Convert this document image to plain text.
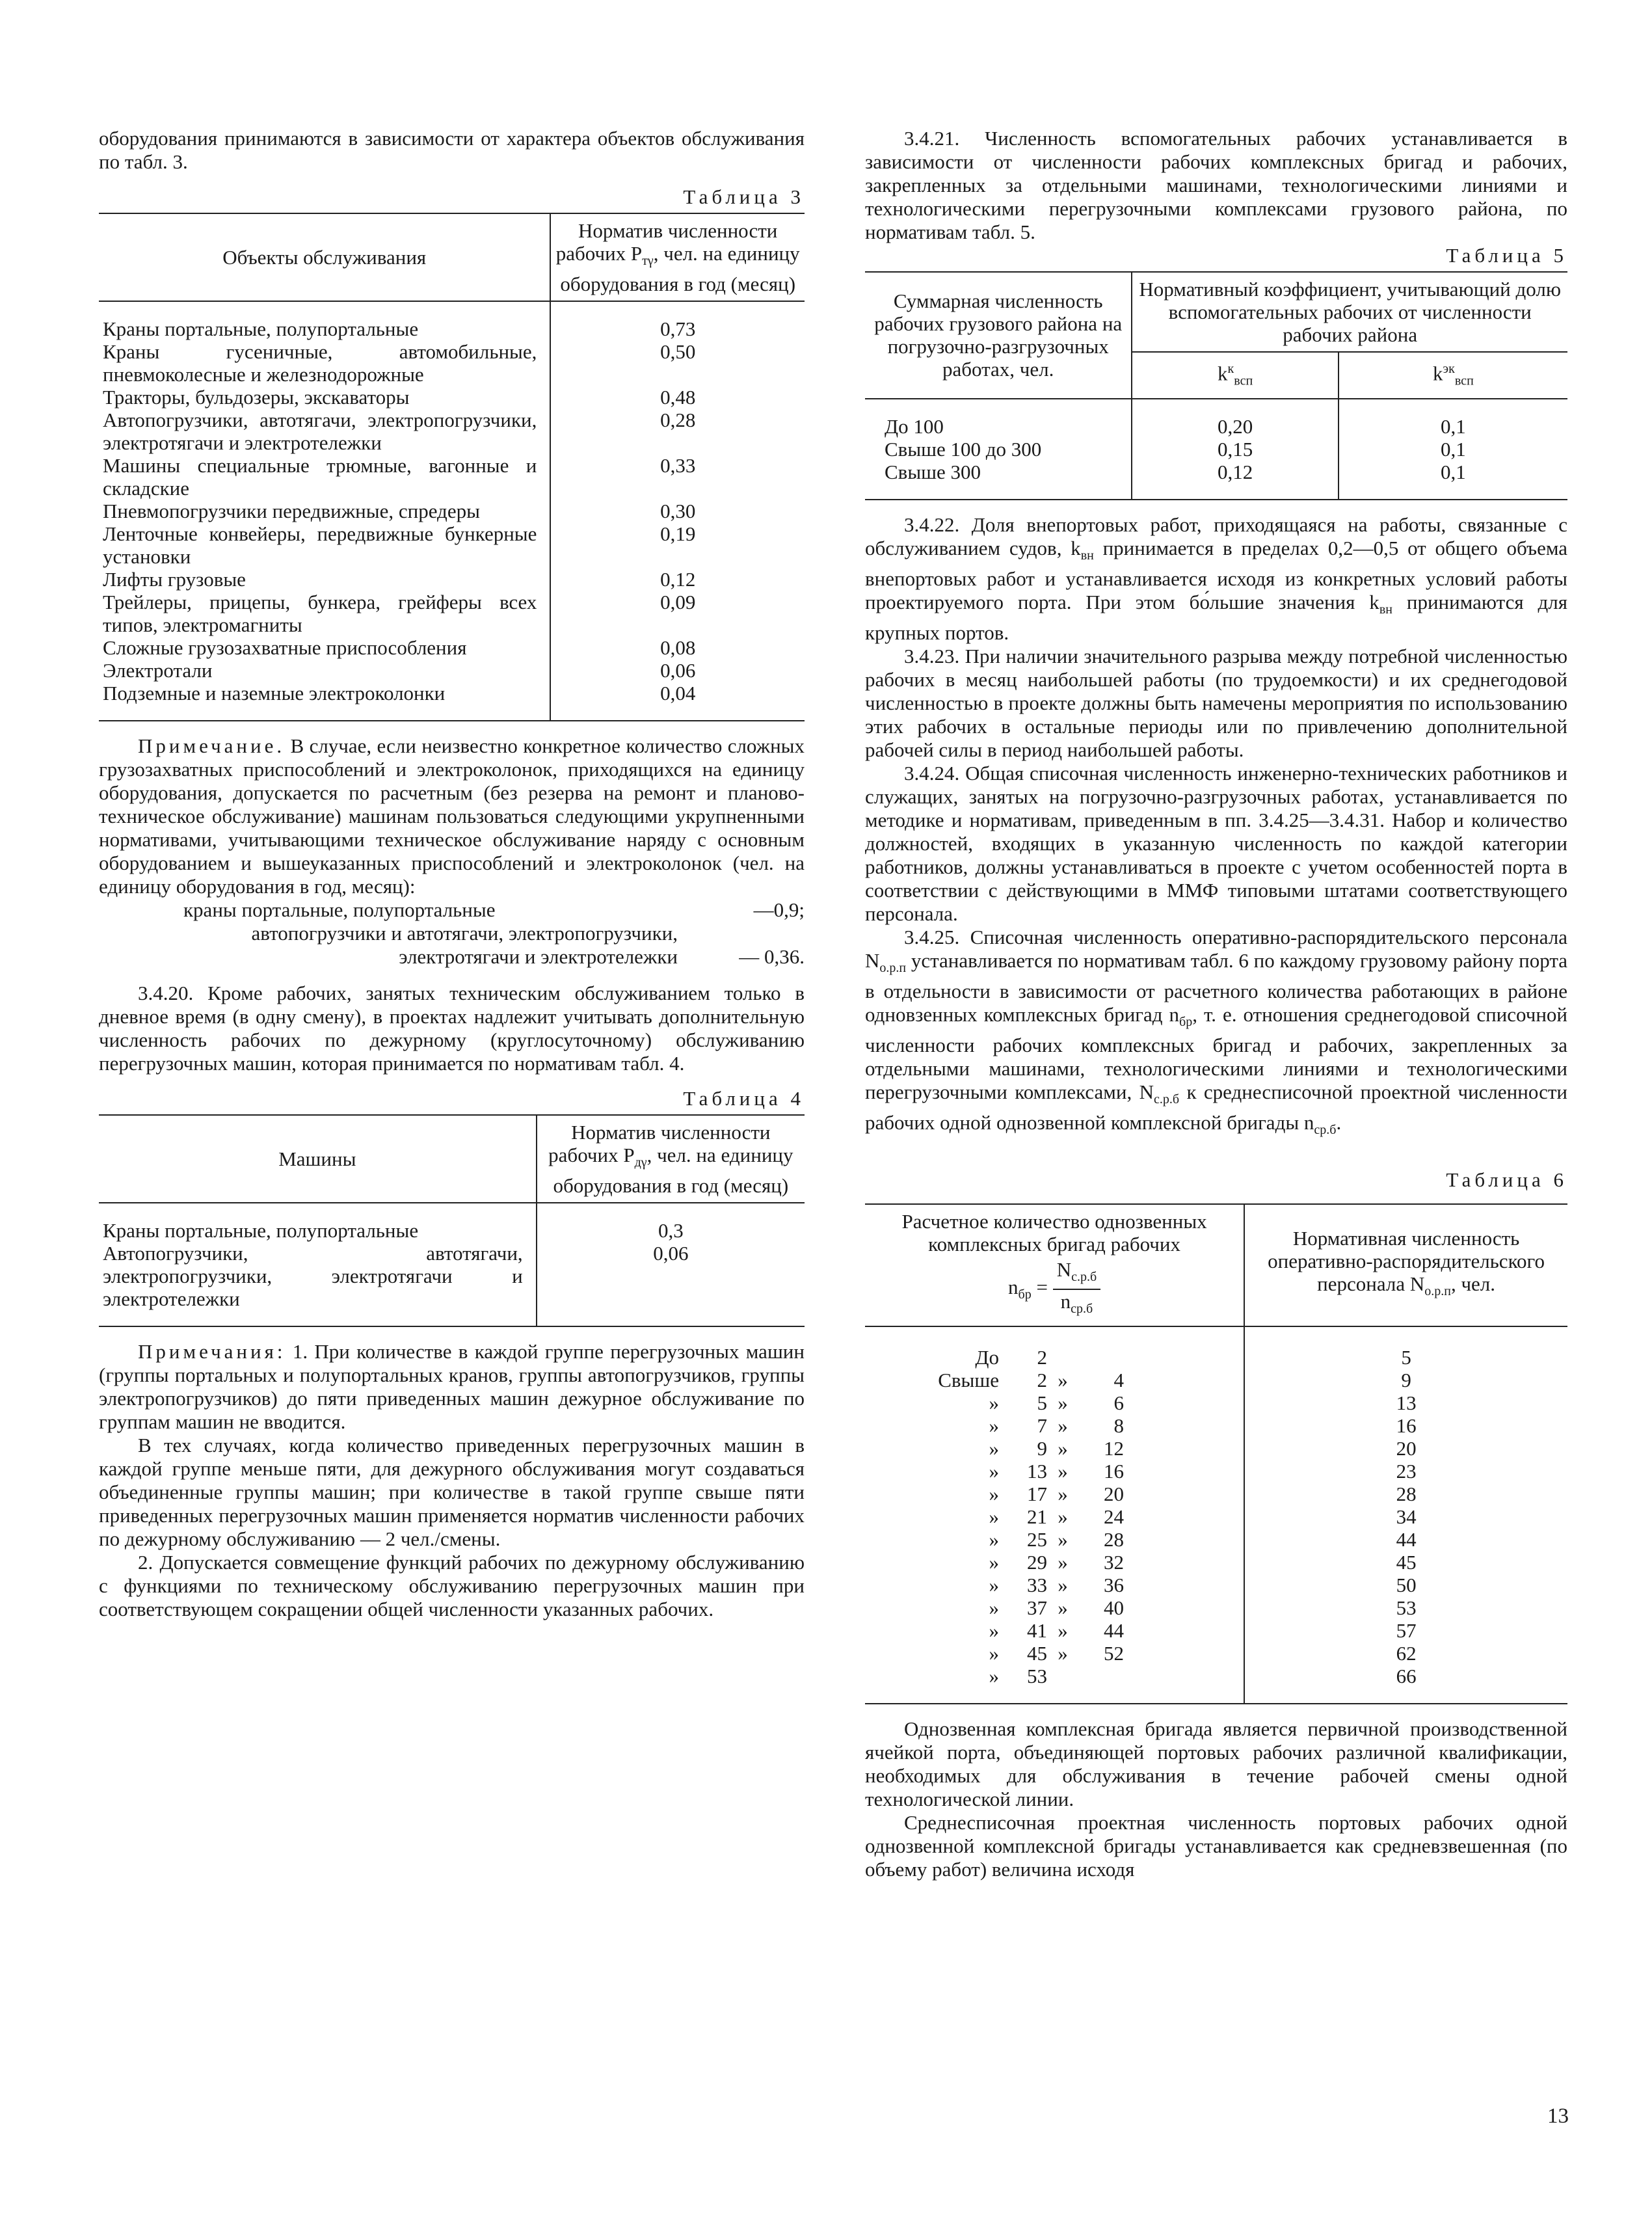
оборудования принимаются в зависимости от характера объектов обслуживания по табл. 3.

Таблица 3
Объекты обслуживания	Норматив численности рабочих $Р_{т\gamma}$, чел. на единицу оборудования в год (месяц)

Краны портальные, полупортальные	0,73
Краны гусеничные, автомобильные, пневмоколесные и железнодорожные	0,50
Тракторы, бульдозеры, экскаваторы	0,48
Автопогрузчики, автотягачи, электропогрузчики, электротягачи и электротележки	0,28
Машины специальные трюмные, вагонные и складские	0,33
Пневмопогрузчики передвижные, спредеры	0,30
Ленточные конвейеры, передвижные бункерные установки	0,19
Лифты грузовые	0,12
Трейлеры, прицепы, бункера, грейферы всех типов, электромагниты	0,09
Сложные грузозахватные приспособления	0,08
Электротали	0,06
Подземные и наземные электроколонки	0,04

Примечание. В случае, если неизвестно конкретное количество сложных грузозахватных приспособлений и электроколонок, приходящихся на единицу оборудования, допускается по расчетным (без резерва на ремонт и планово-техническое обслуживание) машинам пользоваться следующими укрупненными нормативами, учитывающими техническое обслуживание наряду с основным оборудованием и вышеуказанных приспособлений и электроколонок (чел. на единицу оборудования в год, месяц):

краны портальные, полупортальные	—0,9;
автопогрузчики и автотягачи, электропогрузчики, электротягачи и электротележки	— 0,36.

3.4.20. Кроме рабочих, занятых техническим обслуживанием только в дневное время (в одну смену), в проектах надлежит учитывать дополнительную численность рабочих по дежурному (круглосуточному) обслуживанию перегрузочных машин, которая принимается по нормативам табл. 4.

Таблица 4
Машины	Норматив численности рабочих $Р_{д\gamma}$, чел. на единицу оборудования в год (месяц)

Краны портальные, полупортальные	0,3
Автопогрузчики, автотягачи, электропогрузчики, электротягачи и электротележки	0,06

Примечания: 1. При количестве в каждой группе перегрузочных машин (группы портальных и полупортальных кранов, группы автопогрузчиков, группы электропогрузчиков) до пяти приведенных машин дежурное обслуживание по группам машин не вводится.

В тех случаях, когда количество приведенных перегрузочных машин в каждой группе меньше пяти, для дежурного обслуживания могут создаваться объединенные группы машин; при количестве в такой группе свыше пяти приведенных перегрузочных машин применяется норматив численности рабочих по дежурному обслуживанию — 2 чел./смены.

2. Допускается совмещение функций рабочих по дежурному обслуживанию с функциями по техническому обслуживанию перегрузочных машин при соответствующем сокращении общей численности указанных рабочих.

3.4.21. Численность вспомогательных рабочих устанавливается в зависимости от численности рабочих комплексных бригад и рабочих, закрепленных за отдельными машинами, технологическими линиями и технологическими перегрузочными комплексами грузового района, по нормативам табл. 5.

Таблица 5
Суммарная численность рабочих грузового района на погрузочно-разгрузочных работах, чел.	Нормативный коэффициент, учитывающий долю вспомогательных рабочих от численности рабочих района	
	$k^к_{всп}$	$k^{эк}_{всп}$

До 100	0,20	0,1
Свыше 100 до 300	0,15	0,1
Свыше 300	0,12	0,1

3.4.22. Доля внепортовых работ, приходящаяся на работы, связанные с обслуживанием судов, $k_{вн}$ принимается в пределах 0,2—0,5 от общего объема внепортовых работ и устанавливается исходя из конкретных условий работы проектируемого порта. При этом бо́льшие значения $k_{вн}$ принимаются для крупных портов.

3.4.23. При наличии значительного разрыва между потребной численностью рабочих в месяц наибольшей работы (по трудоемкости) и их среднегодовой численностью в проекте должны быть намечены мероприятия по использованию этих рабочих в остальные периоды или по привлечению дополнительной рабочей силы в период наибольшей работы.

3.4.24. Общая списочная численность инженерно-технических работников и служащих, занятых на погрузочно-разгрузочных работах, устанавливается по методике и нормативам, приведенным в пп. 3.4.25—3.4.31. Набор и количество должностей, входящих в указанную численность по каждой категории работников, должны устанавливаться в проекте с учетом особенностей порта в соответствии с действующими в ММФ типовыми штатами соответствующего персонала.

3.4.25. Списочная численность оперативно-распорядительского персонала $N_{о.р.п}$ устанавливается по нормативам табл. 6 по каждому грузовому району порта в отдельности в зависимости от расчетного количества работающих в районе одновзенных комплексных бригад $n_{бр}$, т. е. отношения среднегодовой списочной численности рабочих комплексных бригад и рабочих, закрепленных за отдельными машинами, технологическими линиями и технологическими перегрузочными комплексами, $N_{с.р.б}$ к среднесписочной проектной численности рабочих одной однозвенной комплексной бригады $n_{ср.б}$.

Таблица 6
Расчетное количество однозвенных комплексных бригад рабочих
$n_{бр} = \frac{N_{с.р.б}}{n_{ср.б}}$	Нормативная численность оперативно-распорядительского персонала $N_{о.р.п}$, чел.

До 2	5

Свыше 2 » 4	9

» 5 » 6	13

» 7 » 8	16

» 9 » 12	20

» 13 » 16	23

» 17 » 20	28

» 21 » 24	34

» 25 » 28	44

» 29 » 32	45

» 33 » 36	50

» 37 » 40	53

» 41 » 44	57

» 45 » 52	62

» 53	66

Однозвенная комплексная бригада является первичной производственной ячейкой порта, объединяющей портовых рабочих различной квалификации, необходимых для обслуживания в течение рабочей смены одной технологической линии.

Среднесписочная проектная численность портовых рабочих одной однозвенной комплексной бригады устанавливается как средневзвешенная (по объему работ) величина исходя

13
